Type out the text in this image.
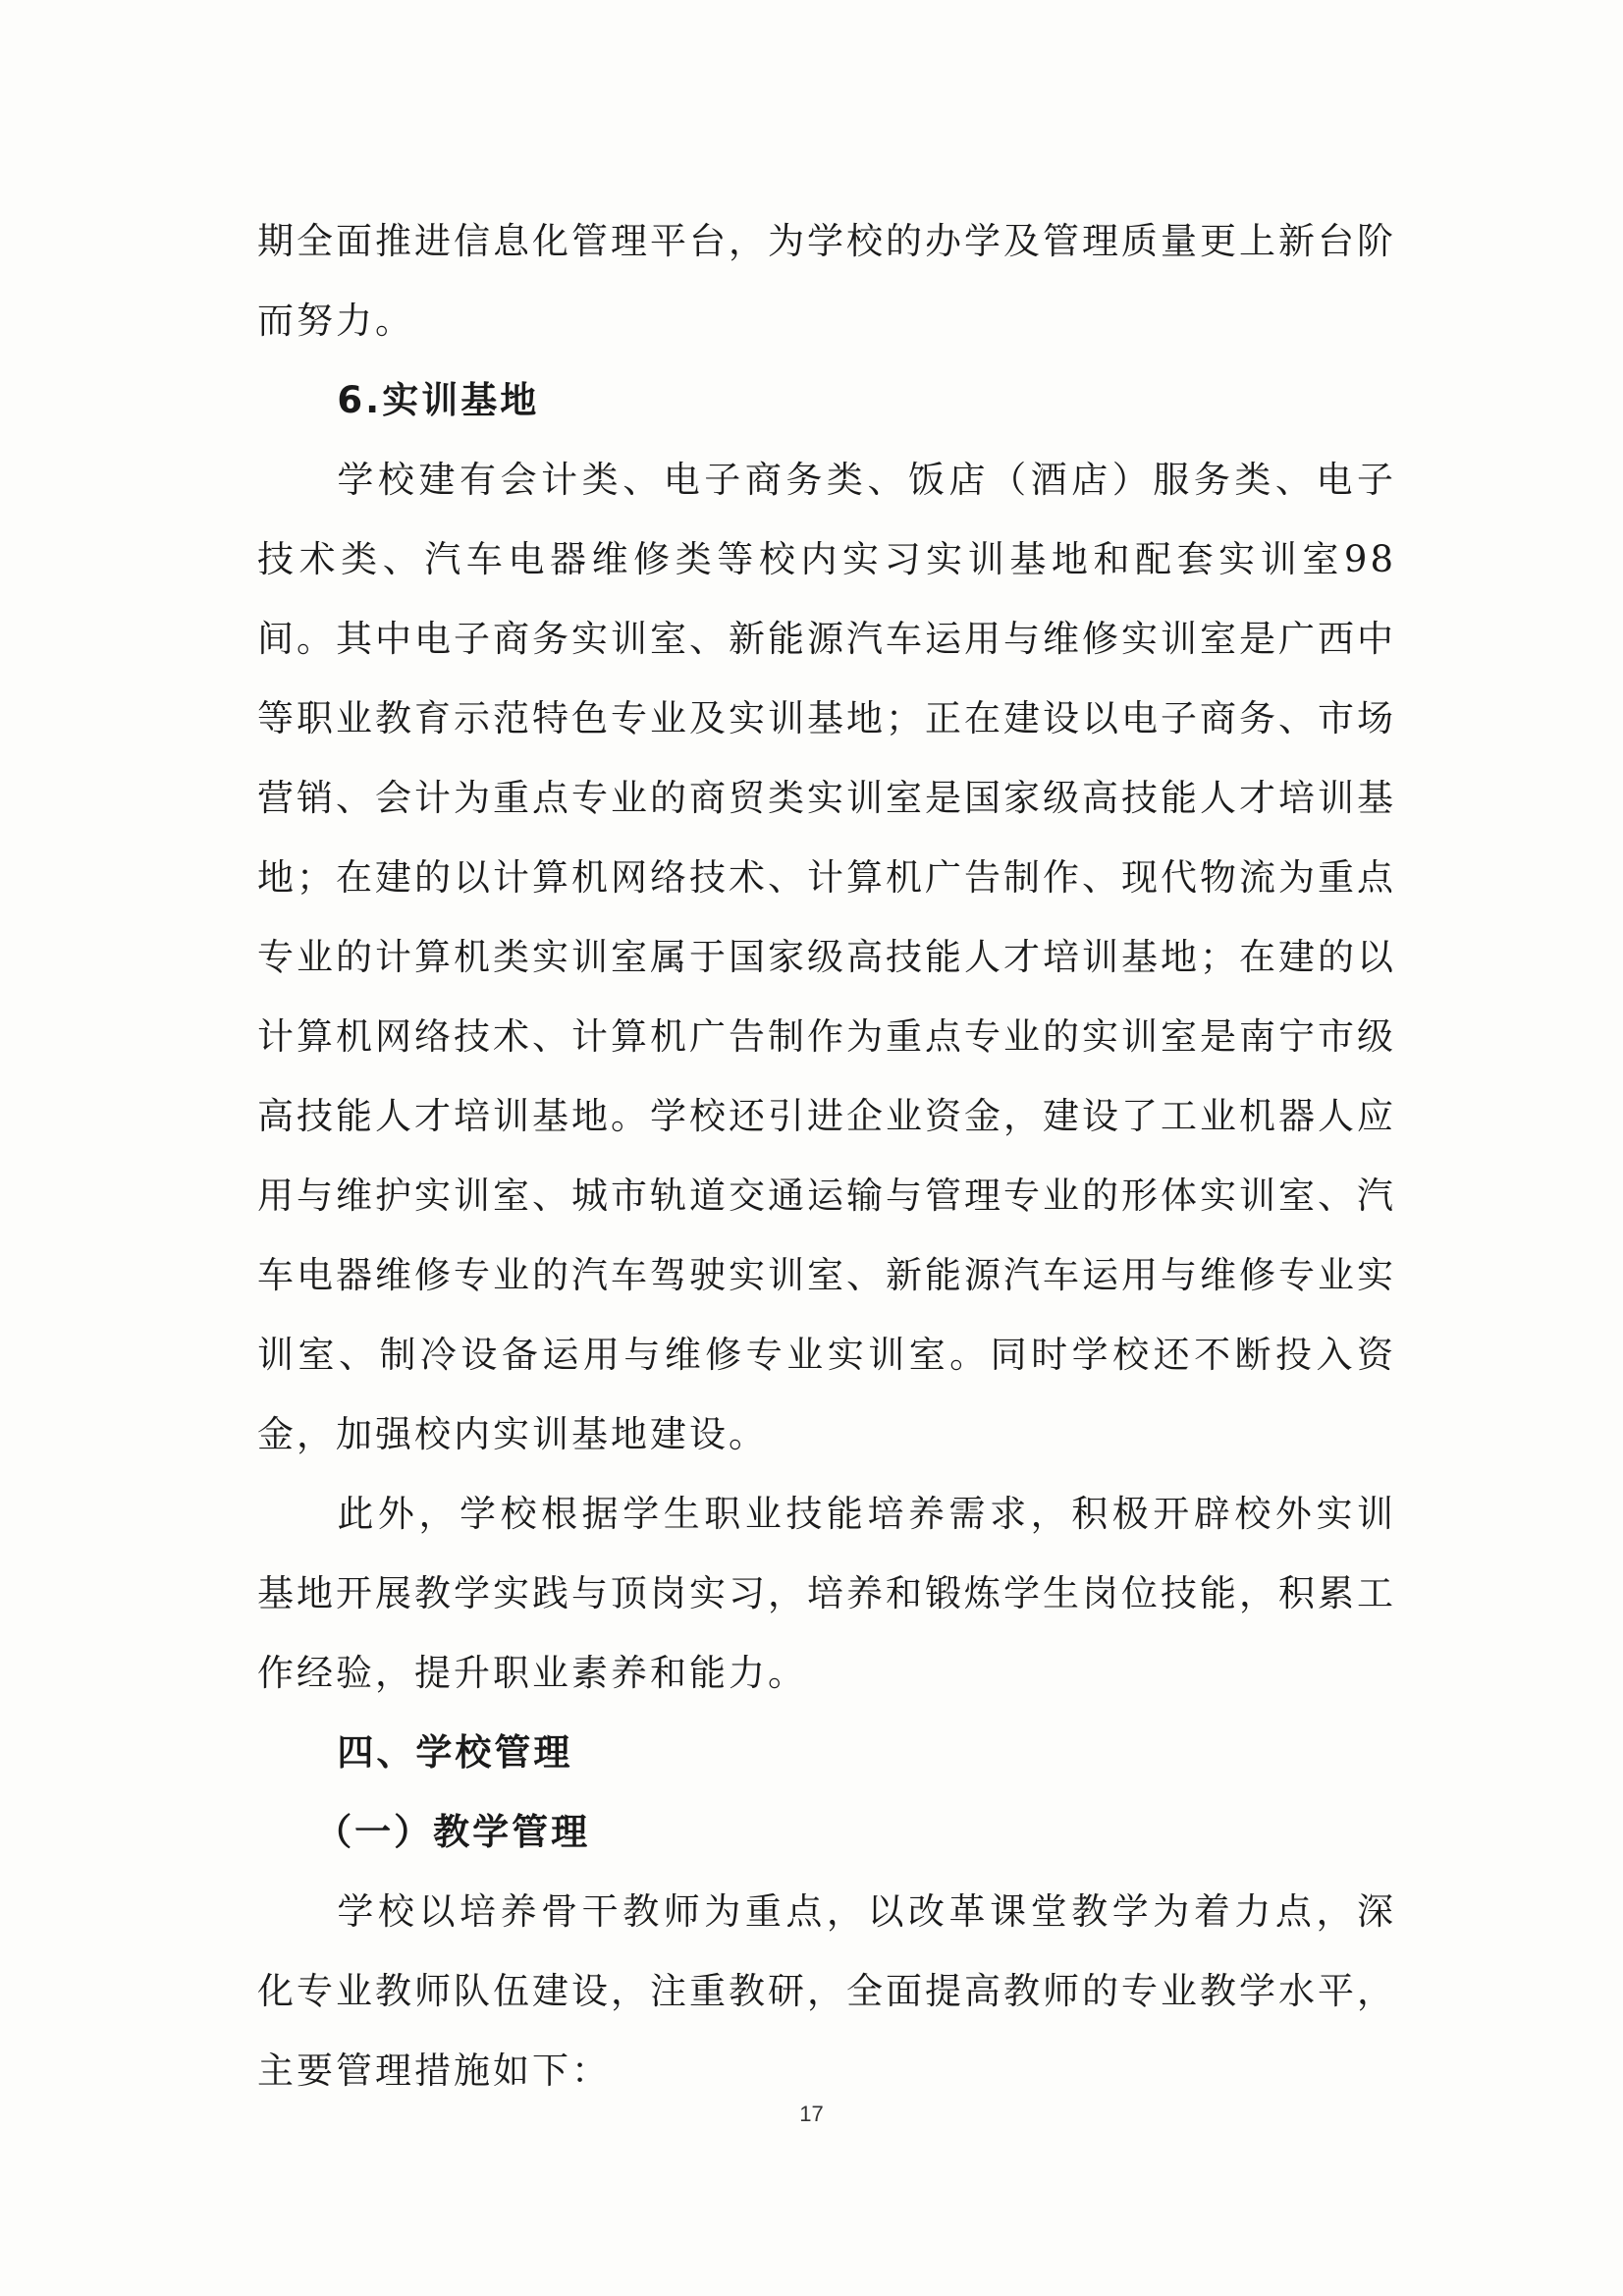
期全面推进信息化管理平台，为学校的办学及管理质量更上新台阶而努力。

6.实训基地

学校建有会计类、电子商务类、饭店（酒店）服务类、电子技术类、汽车电器维修类等校内实习实训基地和配套实训室98间。其中电子商务实训室、新能源汽车运用与维修实训室是广西中等职业教育示范特色专业及实训基地；正在建设以电子商务、市场营销、会计为重点专业的商贸类实训室是国家级高技能人才培训基地；在建的以计算机网络技术、计算机广告制作、现代物流为重点专业的计算机类实训室属于国家级高技能人才培训基地；在建的以计算机网络技术、计算机广告制作为重点专业的实训室是南宁市级高技能人才培训基地。学校还引进企业资金，建设了工业机器人应用与维护实训室、城市轨道交通运输与管理专业的形体实训室、汽车电器维修专业的汽车驾驶实训室、新能源汽车运用与维修专业实训室、制冷设备运用与维修专业实训室。同时学校还不断投入资金，加强校内实训基地建设。

此外，学校根据学生职业技能培养需求，积极开辟校外实训基地开展教学实践与顶岗实习，培养和锻炼学生岗位技能，积累工作经验，提升职业素养和能力。

四、学校管理

（一）教学管理

学校以培养骨干教师为重点，以改革课堂教学为着力点，深化专业教师队伍建设，注重教研，全面提高教师的专业教学水平，主要管理措施如下：

17
